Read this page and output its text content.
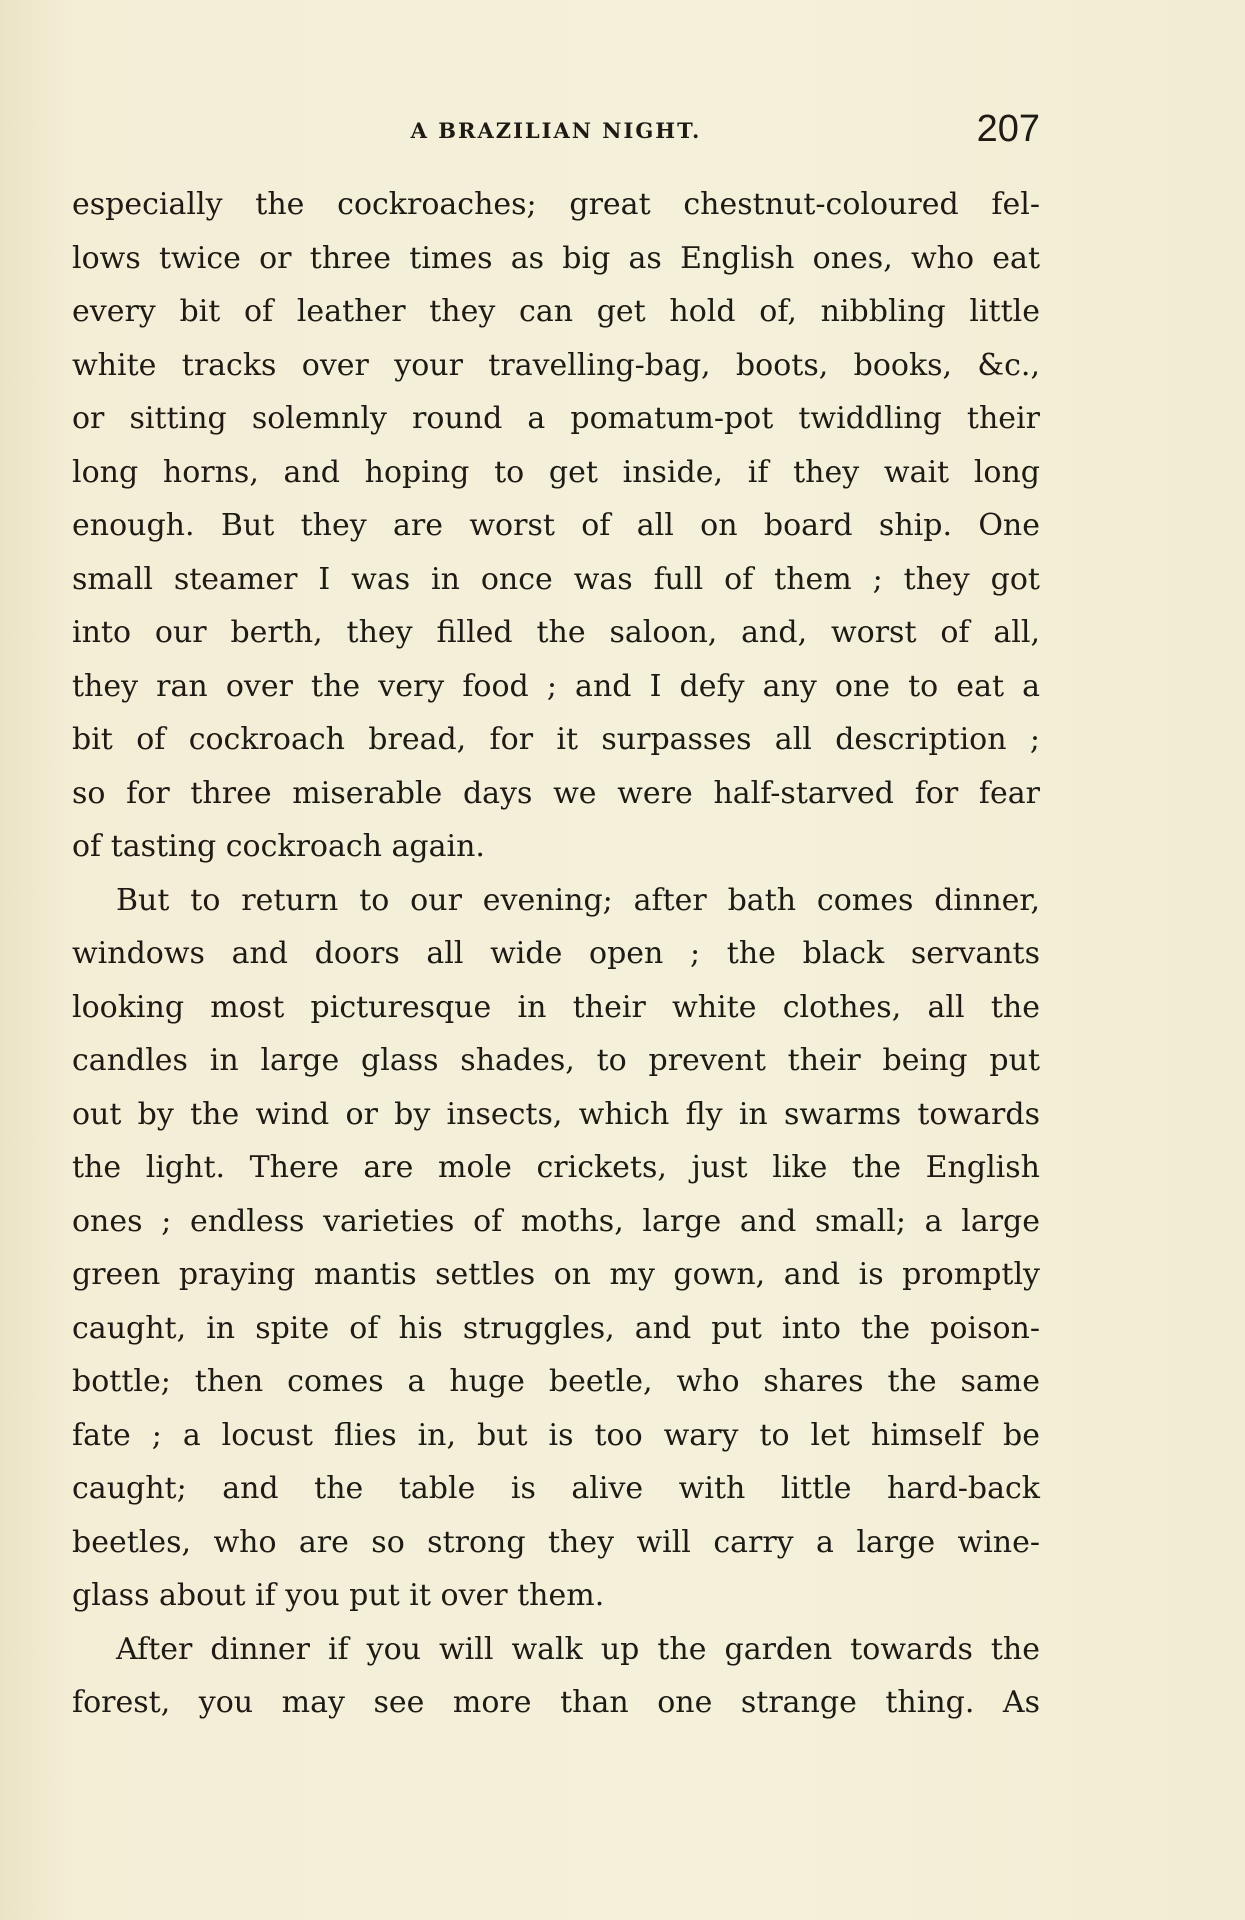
A BRAZILIAN NIGHT.	207
especially the cockroaches; great chestnut-coloured fel-
lows twice or three times as big as English ones, who eat
every bit of leather they can get hold of, nibbling little
white tracks over your travelling-bag, boots, books, &c.,
or sitting solemnly round a pomatum-pot twiddling their
long horns, and hoping to get inside, if they wait long
enough. But they are worst of all on board ship. One
small steamer I was in once was full of them ; they got
into our berth, they filled the saloon, and, worst of all,
they ran over the very food ; and I defy any one to eat a
bit of cockroach bread, for it surpasses all description ;
so for three miserable days we were half-starved for fear
of tasting cockroach again.
But to return to our evening; after bath comes dinner,
windows and doors all wide open ; the black servants
looking most picturesque in their white clothes, all the
candles in large glass shades, to prevent their being put
out by the wind or by insects, which fly in swarms towards
the light. There are mole crickets, just like the English
ones ; endless varieties of moths, large and small; a large
green praying mantis settles on my gown, and is promptly
caught, in spite of his struggles, and put into the poison-
bottle; then comes a huge beetle, who shares the same
fate ; a locust flies in, but is too wary to let himself be
caught; and the table is alive with little hard-back
beetles, who are so strong they will carry a large wine-
glass about if you put it over them.
After dinner if you will walk up the garden towards the
forest, you may see more than one strange thing. As
